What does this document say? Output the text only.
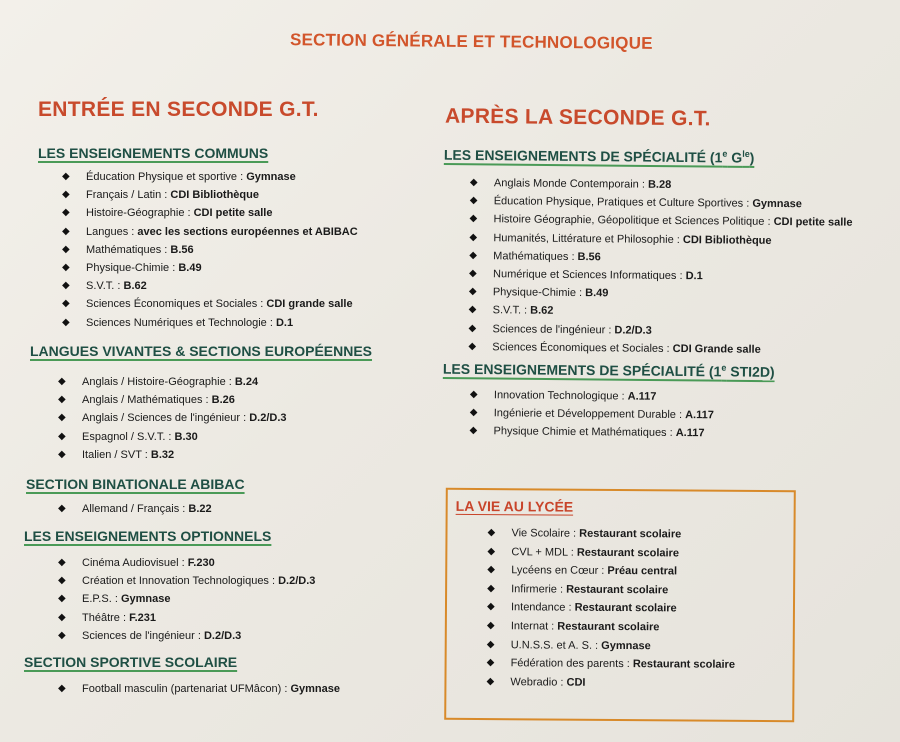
SECTION GÉNÉRALE ET TECHNOLOGIQUE
ENTRÉE EN SECONDE G.T.
LES ENSEIGNEMENTS COMMUNS
◆ Éducation Physique et sportive : Gymnase
◆ Français / Latin : CDI Bibliothèque
◆ Histoire-Géographie : CDI petite salle
◆ Langues : avec les sections européennes et ABIBAC
◆ Mathématiques : B.56
◆ Physique-Chimie : B.49
◆ S.V.T. : B.62
◆ Sciences Économiques et Sociales : CDI grande salle
◆ Sciences Numériques et Technologie : D.1
LANGUES VIVANTES & SECTIONS EUROPÉENNES
◆ Anglais / Histoire-Géographie : B.24
◆ Anglais / Mathématiques : B.26
◆ Anglais / Sciences de l'ingénieur : D.2/D.3
◆ Espagnol / S.V.T. : B.30
◆ Italien / SVT : B.32
SECTION BINATIONALE ABIBAC
◆ Allemand / Français : B.22
LES ENSEIGNEMENTS OPTIONNELS
◆ Cinéma Audiovisuel : F.230
◆ Création et Innovation Technologiques : D.2/D.3
◆ E.P.S. : Gymnase
◆ Théâtre : F.231
◆ Sciences de l'ingénieur : D.2/D.3
SECTION SPORTIVE SCOLAIRE
◆ Football masculin (partenariat UFMâcon) : Gymnase
APRÈS LA SECONDE G.T.
LES ENSEIGNEMENTS DE SPÉCIALITÉ (1e $G^{le}$)
◆ Anglais Monde Contemporain : B.28
◆ Éducation Physique, Pratiques et Culture Sportives : Gymnase
◆ Histoire Géographie, Géopolitique et Sciences Politique : CDI petite salle
◆ Humanités, Littérature et Philosophie : CDI Bibliothèque
◆ Mathématiques : B.56
◆ Numérique et Sciences Informatiques : D.1
◆ Physique-Chimie : B.49
◆ S.V.T. : B.62
◆ Sciences de l'ingénieur : D.2/D.3
◆ Sciences Économiques et Sociales : CDI Grande salle
LES ENSEIGNEMENTS DE SPÉCIALITÉ (1e STI2D)
◆ Innovation Technologique : A.117
◆ Ingénierie et Développement Durable : A.117
◆ Physique Chimie et Mathématiques : A.117
LA VIE AU LYCÉE
◆ Vie Scolaire : Restaurant scolaire
◆ CVL + MDL : Restaurant scolaire
◆ Lycéens en Cœur : Préau central
◆ Infirmerie : Restaurant scolaire
◆ Intendance : Restaurant scolaire
◆ Internat : Restaurant scolaire
◆ U.N.S.S. et A. S. : Gymnase
◆ Fédération des parents : Restaurant scolaire
◆ Webradio : CDI
